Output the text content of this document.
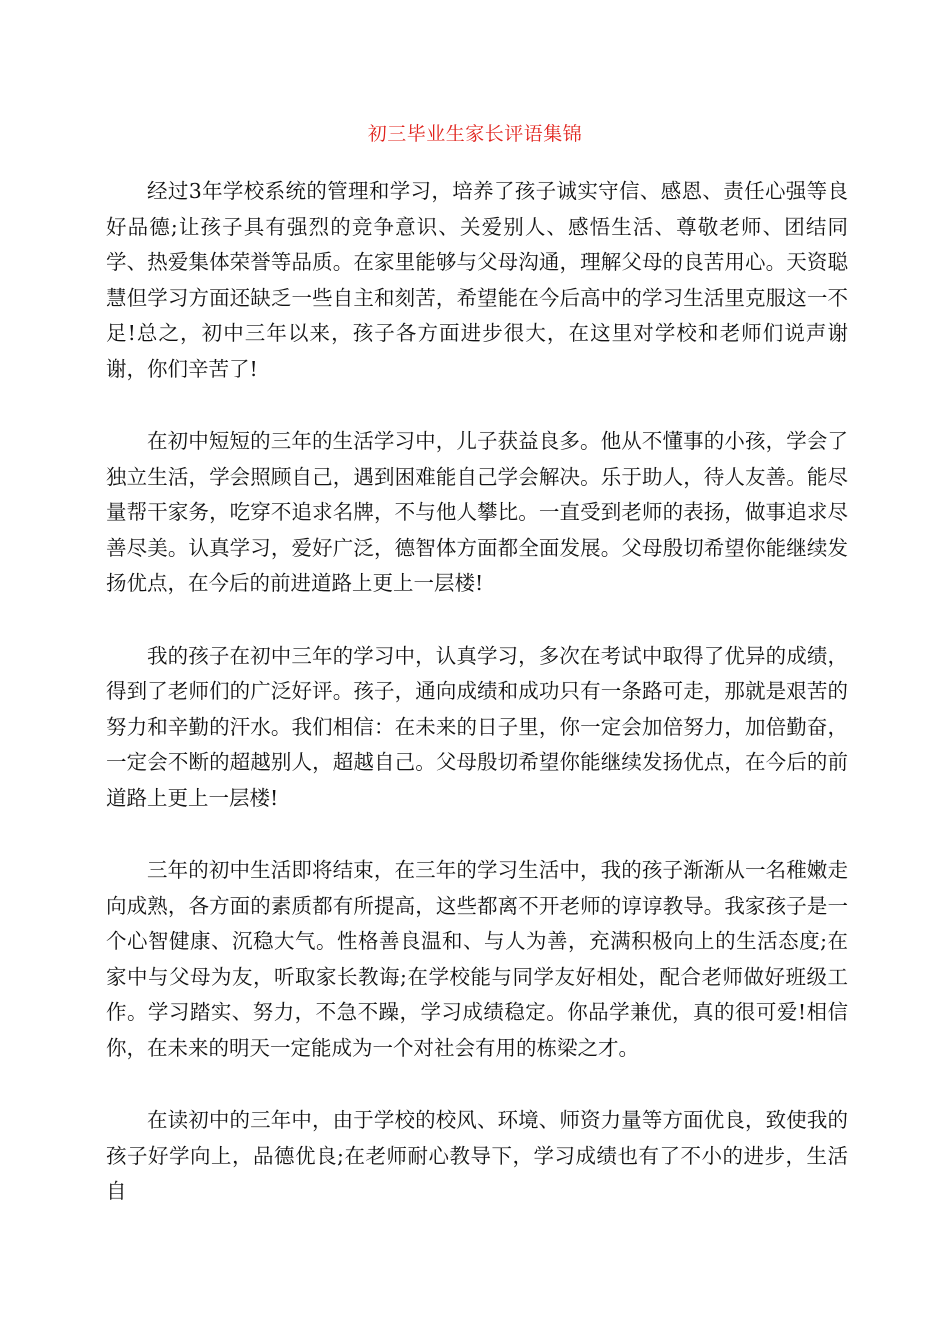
初三毕业生家长评语集锦

经过3年学校系统的管理和学习，培养了孩子诚实守信、感恩、责任心强等良好品德;让孩子具有强烈的竞争意识、关爱别人、感悟生活、尊敬老师、团结同学、热爱集体荣誉等品质。在家里能够与父母沟通，理解父母的良苦用心。天资聪慧但学习方面还缺乏一些自主和刻苦，希望能在今后高中的学习生活里克服这一不足!总之，初中三年以来，孩子各方面进步很大，在这里对学校和老师们说声谢谢，你们辛苦了!

在初中短短的三年的生活学习中，儿子获益良多。他从不懂事的小孩，学会了独立生活，学会照顾自己，遇到困难能自己学会解决。乐于助人，待人友善。能尽量帮干家务，吃穿不追求名牌，不与他人攀比。一直受到老师的表扬，做事追求尽善尽美。认真学习，爱好广泛，德智体方面都全面发展。父母殷切希望你能继续发扬优点，在今后的前进道路上更上一层楼!

我的孩子在初中三年的学习中，认真学习，多次在考试中取得了优异的成绩，得到了老师们的广泛好评。孩子，通向成绩和成功只有一条路可走，那就是艰苦的努力和辛勤的汗水。我们相信：在未来的日子里，你一定会加倍努力，加倍勤奋，一定会不断的超越别人，超越自己。父母殷切希望你能继续发扬优点，在今后的前道路上更上一层楼!

三年的初中生活即将结束，在三年的学习生活中，我的孩子渐渐从一名稚嫩走向成熟，各方面的素质都有所提高，这些都离不开老师的谆谆教导。我家孩子是一个心智健康、沉稳大气。性格善良温和、与人为善，充满积极向上的生活态度;在家中与父母为友，听取家长教诲;在学校能与同学友好相处，配合老师做好班级工作。学习踏实、努力，不急不躁，学习成绩稳定。你品学兼优，真的很可爱!相信你，在未来的明天一定能成为一个对社会有用的栋梁之才。

在读初中的三年中，由于学校的校风、环境、师资力量等方面优良，致使我的孩子好学向上，品德优良;在老师耐心教导下，学习成绩也有了不小的进步，生活自
